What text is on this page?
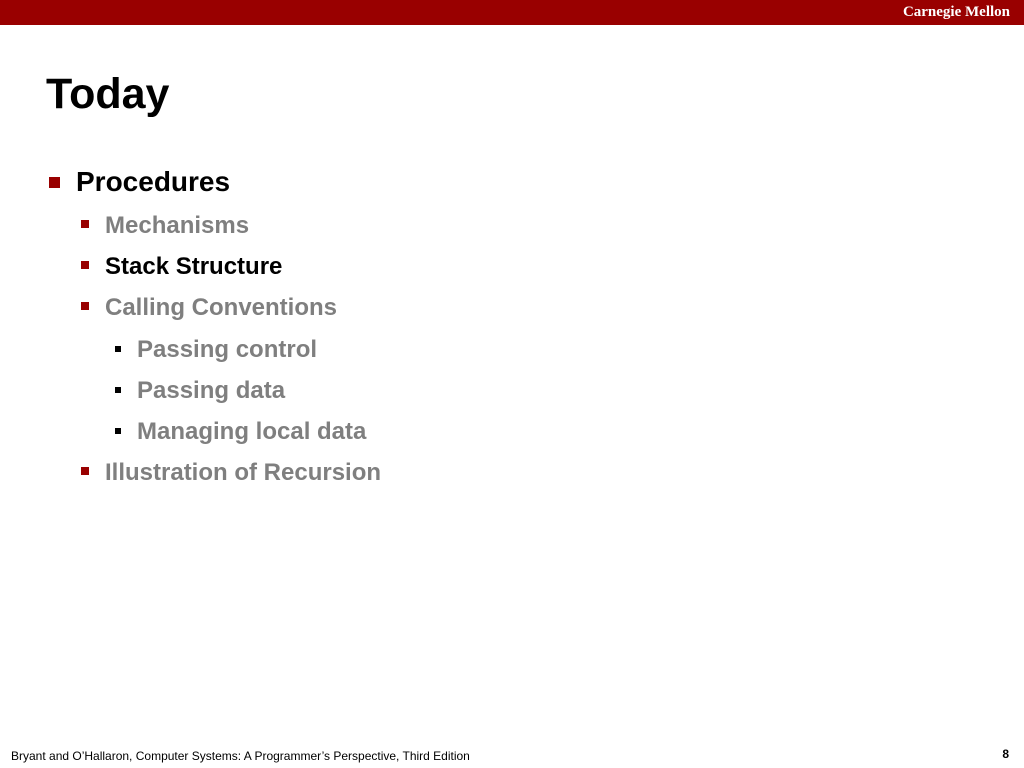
Carnegie Mellon
Today
Procedures
Mechanisms
Stack Structure
Calling Conventions
Passing control
Passing data
Managing local data
Illustration of Recursion
Bryant and O’Hallaron, Computer Systems: A Programmer’s Perspective, Third Edition	8
